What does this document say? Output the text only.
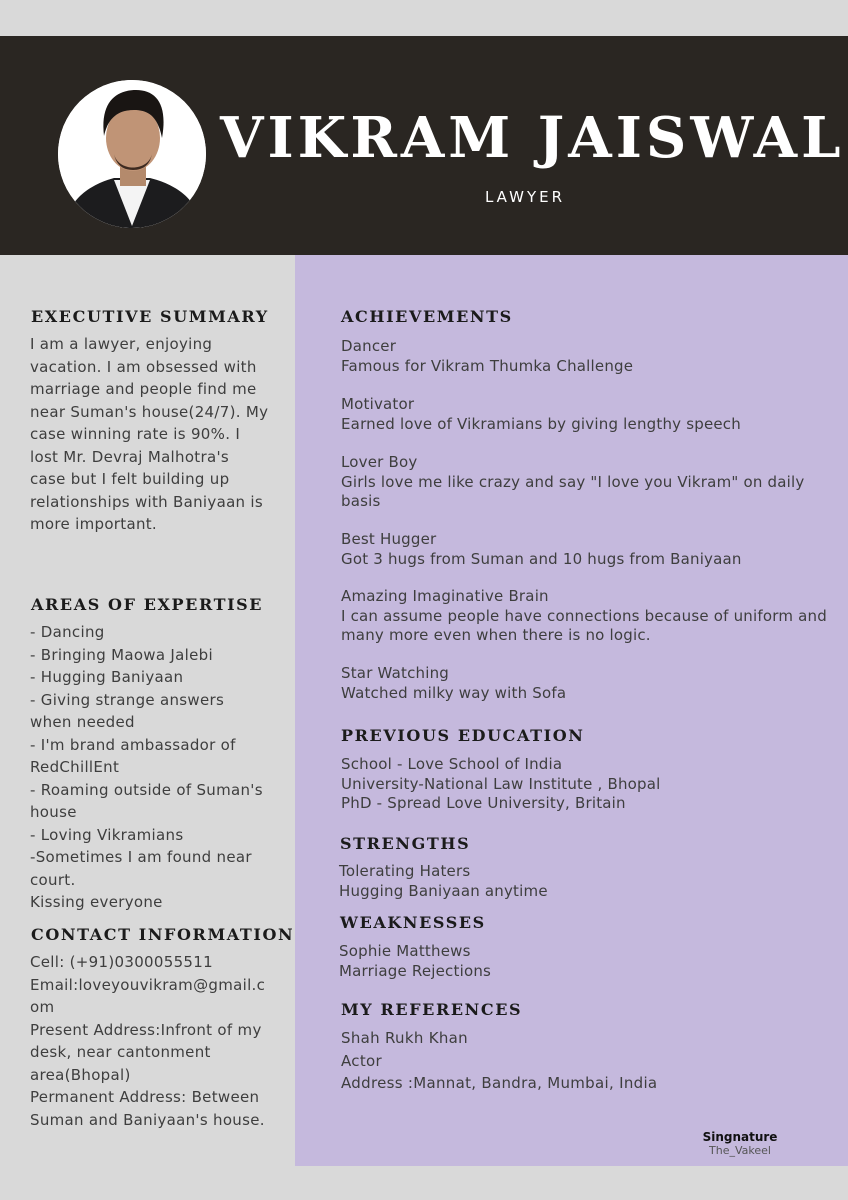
VIKRAM JAISWAL
LAWYER
EXECUTIVE SUMMARY
I am a lawyer, enjoying
vacation. I am obsessed with
marriage and people find me
near Suman's house(24/7). My
case winning rate is 90%. I
lost Mr. Devraj Malhotra's
case but I felt building up
relationships with Baniyaan is
more important.
AREAS OF EXPERTISE
- Dancing
- Bringing Maowa Jalebi
- Hugging Baniyaan
- Giving strange answers
when needed
- I'm brand ambassador of
RedChillEnt
- Roaming outside of Suman's
house
- Loving Vikramians
-Sometimes I am found near
court.
Kissing everyone
CONTACT INFORMATION
Cell: (+91)0300055511
Email:loveyouvikram@gmail.c
om
Present Address:Infront of my
desk, near cantonment
area(Bhopal)
Permanent Address: Between
Suman and Baniyaan's house.
ACHIEVEMENTS
Dancer
Famous for Vikram Thumka Challenge
Motivator
Earned love of Vikramians by giving lengthy speech
Lover Boy
Girls love me like crazy and say "I love you Vikram" on daily
basis
Best Hugger
Got 3 hugs from Suman and 10 hugs from Baniyaan
Amazing Imaginative Brain
I can assume people have connections because of uniform and
many more even when there is no logic.
Star Watching
Watched milky way with Sofa
PREVIOUS EDUCATION
School - Love School of India
University-National Law Institute , Bhopal
PhD - Spread Love University, Britain
STRENGTHS
Tolerating Haters
Hugging Baniyaan anytime
WEAKNESSES
Sophie Matthews
Marriage Rejections
MY REFERENCES
Shah Rukh Khan
Actor
Address :Mannat, Bandra, Mumbai, India
Singnature
The_Vakeel
